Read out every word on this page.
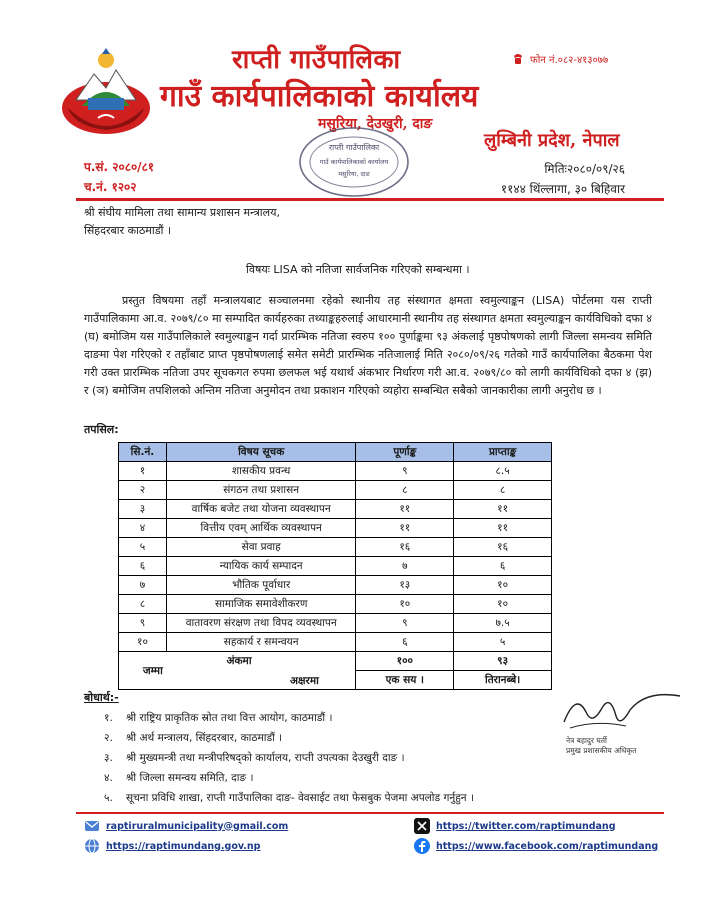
राप्ती गाउँपालिका
गाउँ कार्यपालिकाको कार्यालय
मसुरिया, देउखुरी, दाङ
फोन नं.०८२-४१३०७७
लुम्बिनी प्रदेश, नेपाल
राप्ती गाउँपालिका
गाउँ कार्यपालिकाको कार्यालय
मसुरिया, दाङ
प.सं. २०८०/८१
च.नं. १२०२
मितिः२०८०/०९/२६
११४४ थिंल्लागा, ३० बिहिवार
श्री संघीय मामिला तथा सामान्य प्रशासन मन्त्रालय,
सिंहदरबार काठमाडौं ।
विषयः LISA को नतिजा सार्वजनिक गरिएको सम्बन्धमा ।
प्रस्तुत विषयमा तहाँ मन्त्रालयबाट सञ्चालनमा रहेको स्थानीय तह संस्थागत क्षमता स्वमुल्याङ्कन (LISA) पोर्टलमा यस राप्ती गाउँपालिकामा आ.व. २०७९/८० मा सम्पादित कार्यहरुका तथ्याङ्कहरुलाई आधारमानी स्थानीय तह संस्थागत क्षमता स्वमुल्याङ्कन कार्यविधिको दफा ४ (घ) बमोजिम यस गाउँपालिकाले स्वमुल्याङ्कन गर्दा प्रारम्भिक नतिजा स्वरुप १०० पुर्णाङ्कमा ९३ अंकलाई पृष्ठपोषणको लागी जिल्ला समन्वय समिति दाङमा पेश गरिएको र तहाँबाट प्राप्त पृष्ठपोषणलाई समेत समेटी प्रारम्भिक नतिजालाई मिति २०८०/०९/२६ गतेको गाउँ कार्यपालिका बैठकमा पेश गरी उक्त प्रारम्भिक नतिजा उपर सूचकगत रुपमा छलफल भई यथार्थ अंकभार निर्धारण गरी आ.व. २०७९/८० को लागी कार्यविधिको दफा ४ (झ) र (ञ) बमोजिम तपशिलको अन्तिम नतिजा अनुमोदन तथा प्रकाशन गरिएको व्यहोरा सम्बन्धित सबैको जानकारीका लागी अनुरोध छ ।
तपसिल:
सि.नं.	विषय सूचक	पूर्णाङ्क	प्राप्ताङ्क
१	शासकीय प्रवन्ध	९	८.५
२	संगठन तथा प्रशासन	८	८
३	वार्षिक बजेट तथा योजना व्यवस्थापन	११	११
४	वित्तीय एवम् आर्थिक व्यवस्थापन	११	११
५	सेवा प्रवाह	१६	१६
६	न्यायिक कार्य सम्पादन	७	६
७	भौतिक पूर्वाधार	१३	१०
८	सामाजिक समावेशीकरण	१०	१०
९	वातावरण संरक्षण तथा विपद व्यवस्थापन	९	७.५
१०	सहकार्य र समन्वयन	६	५
जम्मा अंकमा		१००	९३
		एक सय ।	तिरानब्बे।
अक्षरमा
बोधार्थ:-
१. श्री राष्ट्रिय प्राकृतिक स्रोत तथा वित्त आयोग, काठमाडौं ।
२. श्री अर्थ मन्त्रालय, सिंहदरबार, काठमाडौं ।
३. श्री मुख्यमन्त्री तथा मन्त्रीपरिषद्को कार्यालय, राप्ती उपत्यका देउखुरी दाङ ।
४. श्री जिल्ला समन्वय समिति, दाङ ।
५. सूचना प्रविधि शाखा, राप्ती गाउँपालिका दाङ- वेवसाईट तथा फेसबुक पेजमा अपलोड गर्नुहुन ।
नेत्र बहादुर घर्ती
प्रमुख प्रशासकीय अधिकृत
raptiruralmunicipality@gmail.com
https://raptimundang.gov.np
https://twitter.com/raptimundang
https://www.facebook.com/raptimundang
